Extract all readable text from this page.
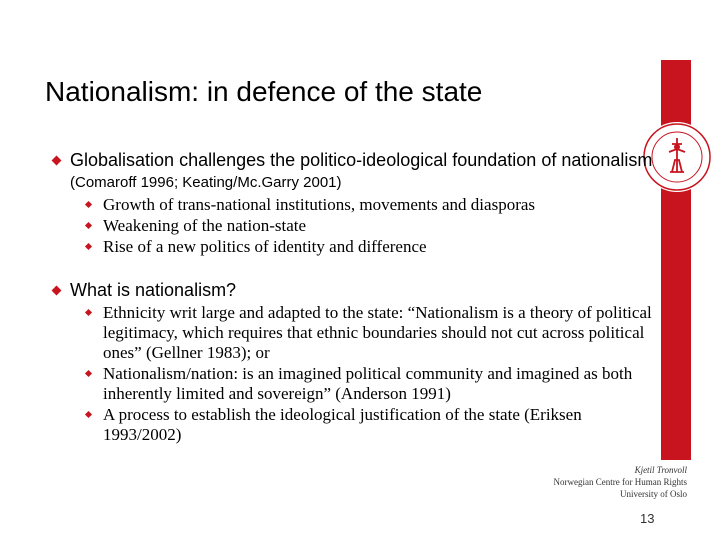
Nationalism: in defence of the state
Globalisation challenges the politico-ideological foundation of nationalism (Comaroff 1996; Keating/Mc.Garry 2001)
Growth of trans-national institutions, movements and diasporas
Weakening of the nation-state
Rise of a new politics of identity and difference
What is nationalism?
Ethnicity writ large and adapted to the state: “Nationalism is a theory of political legitimacy, which requires that ethnic boundaries should not cut across political ones” (Gellner 1983); or
Nationalism/nation: is an imagined political community and imagined as both inherently limited and sovereign” (Anderson 1991)
A process to establish the ideological justification of the state (Eriksen 1993/2002)
Kjetil Tronvoll
Norwegian Centre for Human Rights
University of Oslo
13
